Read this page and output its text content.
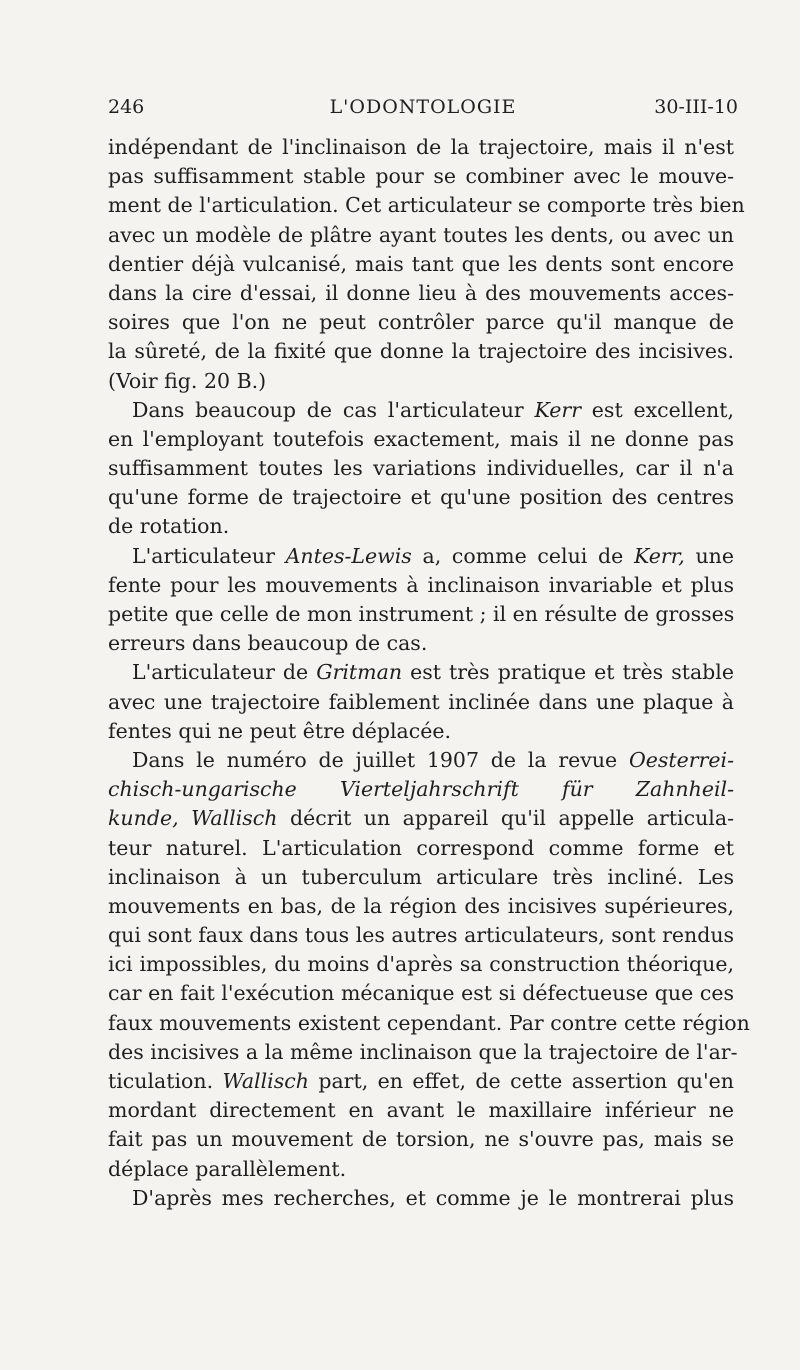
246	L'ODONTOLOGIE	30-III-10
indépendant de l'inclinaison de la trajectoire, mais il n'est
pas suffisamment stable pour se combiner avec le mouve-
ment de l'articulation. Cet articulateur se comporte très bien
avec un modèle de plâtre ayant toutes les dents, ou avec un
dentier déjà vulcanisé, mais tant que les dents sont encore
dans la cire d'essai, il donne lieu à des mouvements acces-
soires que l'on ne peut contrôler parce qu'il manque de
la sûreté, de la fixité que donne la trajectoire des incisives.
(Voir fig. 20 B.)
Dans beaucoup de cas l'articulateur Kerr est excellent,
en l'employant toutefois exactement, mais il ne donne pas
suffisamment toutes les variations individuelles, car il n'a
qu'une forme de trajectoire et qu'une position des centres
de rotation.
L'articulateur Antes-Lewis a, comme celui de Kerr, une
fente pour les mouvements à inclinaison invariable et plus
petite que celle de mon instrument ; il en résulte de grosses
erreurs dans beaucoup de cas.
L'articulateur de Gritman est très pratique et très stable
avec une trajectoire faiblement inclinée dans une plaque à
fentes qui ne peut être déplacée.
Dans le numéro de juillet 1907 de la revue Oesterrei-
chisch-ungarische Vierteljahrschrift für Zahnheil-
kunde, Wallisch décrit un appareil qu'il appelle articula-
teur naturel. L'articulation correspond comme forme et
inclinaison à un tuberculum articulare très incliné. Les
mouvements en bas, de la région des incisives supérieures,
qui sont faux dans tous les autres articulateurs, sont rendus
ici impossibles, du moins d'après sa construction théorique,
car en fait l'exécution mécanique est si défectueuse que ces
faux mouvements existent cependant. Par contre cette région
des incisives a la même inclinaison que la trajectoire de l'ar-
ticulation. Wallisch part, en effet, de cette assertion qu'en
mordant directement en avant le maxillaire inférieur ne
fait pas un mouvement de torsion, ne s'ouvre pas, mais se
déplace parallèlement.
D'après mes recherches, et comme je le montrerai plus
